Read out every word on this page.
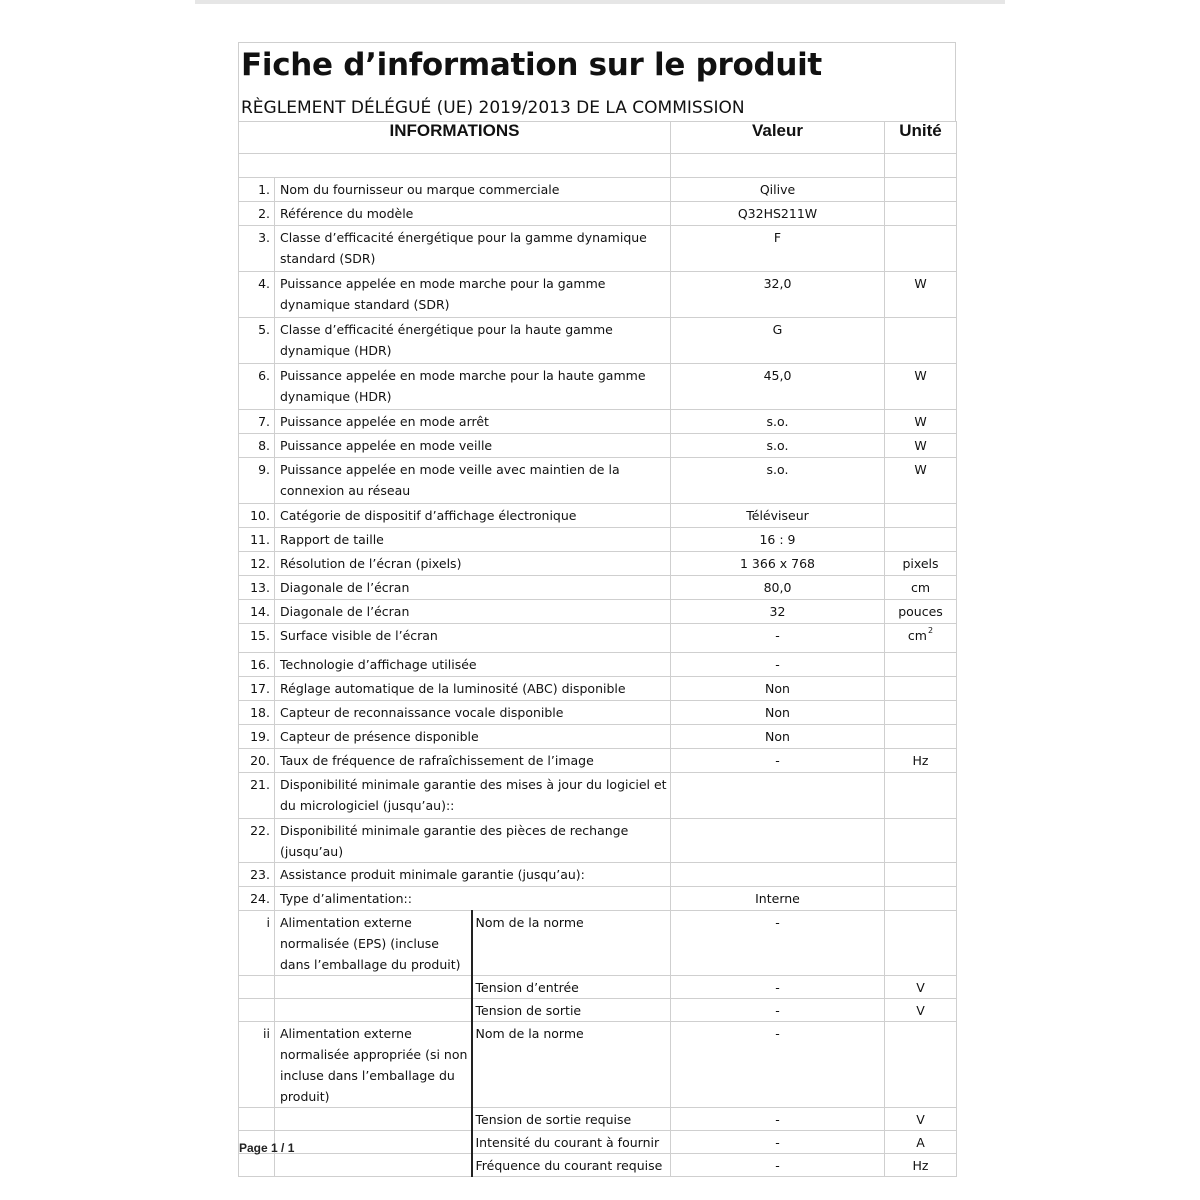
Fiche d’information sur le produit
RÈGLEMENT DÉLÉGUÉ (UE) 2019/2013 DE LA COMMISSION
INFORMATIONS			Valeur	Unité

1.	Nom du fournisseur ou marque commerciale		Qilive	
2.	Référence du modèle		Q32HS211W	
3.	Classe d’efficacité énergétique pour la gamme dynamique standard (SDR)		F	
4.	Puissance appelée en mode marche pour la gamme dynamique standard (SDR)		32,0	W
5.	Classe d’efficacité énergétique pour la haute gamme dynamique (HDR)		G	
6.	Puissance appelée en mode marche pour la haute gamme dynamique (HDR)		45,0	W
7.	Puissance appelée en mode arrêt		s.o.	W
8.	Puissance appelée en mode veille		s.o.	W
9.	Puissance appelée en mode veille avec maintien de la connexion au réseau		s.o.	W
10.	Catégorie de dispositif d’affichage électronique		Téléviseur	
11.	Rapport de taille		16 : 9	
12.	Résolution de l’écran (pixels)		1 366 x 768	pixels
13.	Diagonale de l’écran		80,0	cm
14.	Diagonale de l’écran		32	pouces
15.	Surface visible de l’écran		-	$cm^2$
16.	Technologie d’affichage utilisée		-	
17.	Réglage automatique de la luminosité (ABC) disponible		Non	
18.	Capteur de reconnaissance vocale disponible		Non	
19.	Capteur de présence disponible		Non	
20.	Taux de fréquence de rafraîchissement de l’image		-	Hz
21.	Disponibilité minimale garantie des mises à jour du logiciel et du micrologiciel (jusqu’au)::			
22.	Disponibilité minimale garantie des pièces de rechange (jusqu’au)			
23.	Assistance produit minimale garantie (jusqu’au):			
24.	Type d’alimentation::		Interne	
i	Alimentation externe normalisée (EPS) (incluse dans l’emballage du produit)	Nom de la norme	-	
		Tension d’entrée	-	V
		Tension de sortie	-	V
ii	Alimentation externe normalisée appropriée (si non incluse dans l’emballage du produit)	Nom de la norme	-	
		Tension de sortie requise	-	V
		Intensité du courant à fournir	-	A
		Fréquence du courant requise	-	Hz
Page 1 / 1
